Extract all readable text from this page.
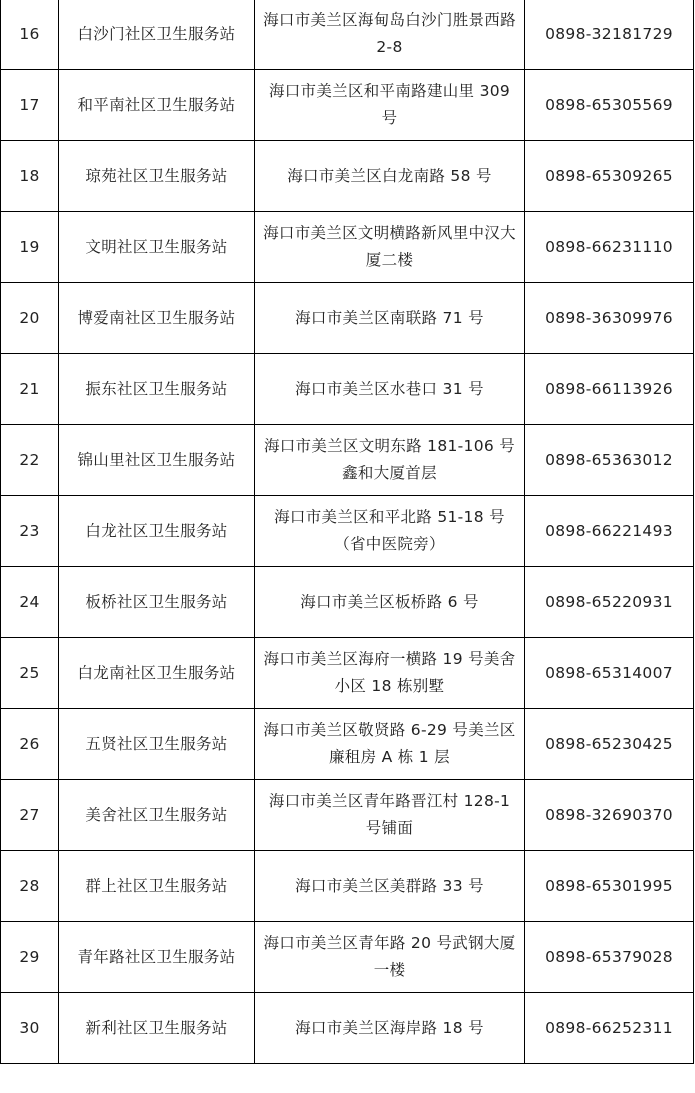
16	白沙门社区卫生服务站	海口市美兰区海甸岛白沙门胜景西路 2-8	0898-32181729
17	和平南社区卫生服务站	海口市美兰区和平南路建山里 309 号	0898-65305569
18	琼苑社区卫生服务站	海口市美兰区白龙南路 58 号	0898-65309265
19	文明社区卫生服务站	海口市美兰区文明横路新风里中汉大厦二楼	0898-66231110
20	博爱南社区卫生服务站	海口市美兰区南联路 71 号	0898-36309976
21	振东社区卫生服务站	海口市美兰区水巷口 31 号	0898-66113926
22	锦山里社区卫生服务站	海口市美兰区文明东路 181-106 号鑫和大厦首层	0898-65363012
23	白龙社区卫生服务站	海口市美兰区和平北路 51-18 号（省中医院旁）	0898-66221493
24	板桥社区卫生服务站	海口市美兰区板桥路 6 号	0898-65220931
25	白龙南社区卫生服务站	海口市美兰区海府一横路 19 号美舍小区 18 栋别墅	0898-65314007
26	五贤社区卫生服务站	海口市美兰区敬贤路 6-29 号美兰区廉租房 A 栋 1 层	0898-65230425
27	美舍社区卫生服务站	海口市美兰区青年路晋江村 128-1 号铺面	0898-32690370
28	群上社区卫生服务站	海口市美兰区美群路 33 号	0898-65301995
29	青年路社区卫生服务站	海口市美兰区青年路 20 号武钢大厦一楼	0898-65379028
30	新利社区卫生服务站	海口市美兰区海岸路 18 号	0898-66252311
